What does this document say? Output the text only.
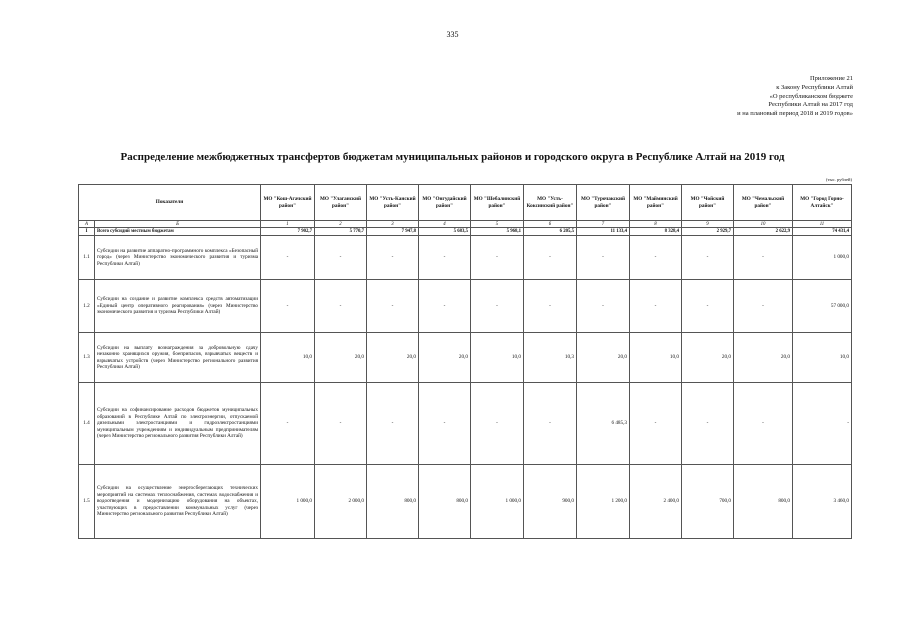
335
Приложение 21
к Закону Республики Алтай
«О республиканском бюджете
Республики Алтай на 2017 год
и на плановый период 2018 и 2019 годов»
Распределение межбюджетных трансфертов бюджетам муниципальных районов и городского округа в Республике Алтай на 2019 год
(тыс. рублей)
Показатели		МО "Кош-Агачский район"	МО "Улаганский район"	МО "Усть-Канский район"	МО "Онгудайский район"	МО "Шебалинский район"	МО "Усть-Коксинский район"	МО "Турочакский район"	МО "Майминский район"	МО "Чойский район"	МО "Чемальский район"	МО "Город Горно-Алтайск"
А	Б	1	2	3	4	5	6	7	8	9	10	11
I	Всего субсидий местным бюджетам	7 902,7	5 770,7	7 947,8	5 683,5	5 968,1	6 205,5	11 133,4	8 328,4	2 929,7	2 622,9	74 431,4
1.1	Субсидии на развитие аппаратно-программного комплекса «Безопасный город» (через Министерство экономического развития и туризма Республики Алтай)	-	-	-	-	-	-	-	-	-	-	1 000,0
1.2	Субсидии на создание и развитие комплекса средств автоматизации «Единый центр оперативного реагирования» (через Министерство экономического развития и туризма Республики Алтай)	-	-	-	-	-	-	-	-	-	-	57 000,0
1.3	Субсидии на выплату вознаграждения за добровольную сдачу незаконно хранящихся оружия, боеприпасов, взрывчатых веществ и взрывчатых устройств (через Министерство регионального развития Республики Алтай)	10,0	20,0	20,0	20,0	10,0	10,3	20,0	10,0	20,0	20,0	10,0
1.4	Субсидии на софинансирование расходов бюджетов муниципальных образований в Республике Алтай по электроэнергии, отпускаемой дизельными электростанциями и гидроэлектростанциями муниципальным учреждениям и индивидуальным предпринимателям (через Министерство регионального развития Республики Алтай)	-	-	-	-	-	-	6 485,3	-	-	-	-
1.5	Субсидии на осуществление энергосберегающих технических мероприятий на системах теплоснабжения, системах водоснабжения и водоотведения и модернизацию оборудования на объектах, участвующих в предоставлении коммунальных услуг (через Министерство регионального развития Республики Алтай)	1 000,0	2 000,0	800,0	800,0	1 000,0	900,0	1 200,0	2 400,0	700,0	800,0	3 460,0
